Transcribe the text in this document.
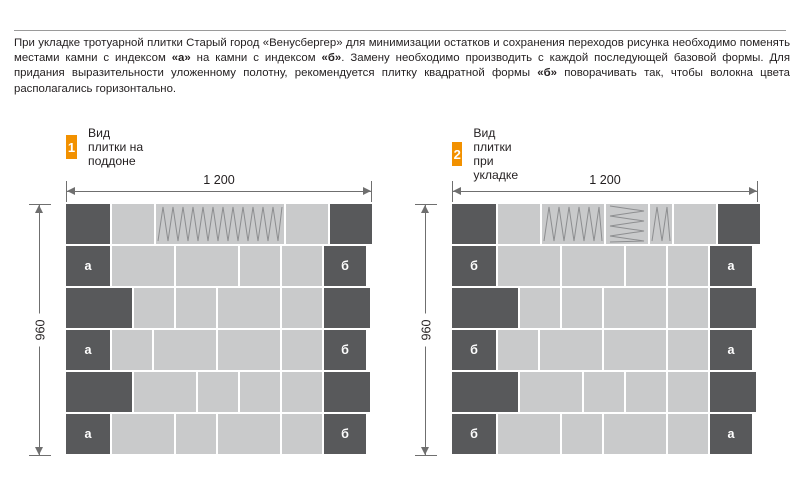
При укладке тротуарной плитки Старый город «Венусбергер» для минимизации остатков и сохранения переходов рисунка необходимо поменять местами камни с индексом «а» на камни с индексом «б». Замену необходимо производить с каждой последующей базовой формы. Для придания выразительности уложенному полотну, рекомендуется плитку квадратной формы «б» поворачивать так, чтобы волокна цвета располагались горизонтально.
1
Вид плитки на поддоне
1 200
960
а	б
а	б
а	б
2
Вид плитки при укладке	1 200
960
б	а
б	а
б	а
